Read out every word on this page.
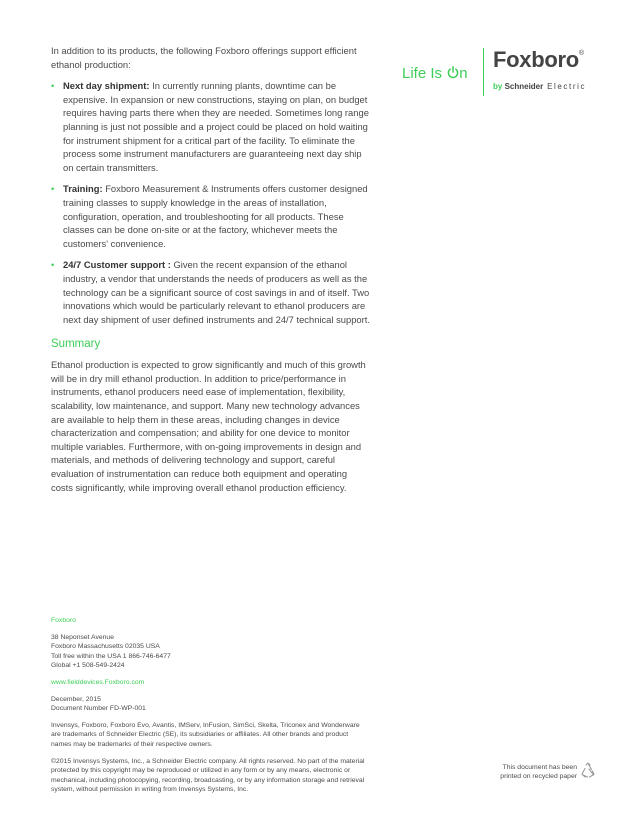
In addition to its products, the following Foxboro offerings support efficient ethanol production:

• Next day shipment: In currently running plants, downtime can be expensive. In expansion or new constructions, staying on plan, on budget requires having parts there when they are needed. Sometimes long range planning is just not possible and a project could be placed on hold waiting for instrument shipment for a critical part of the facility. To eliminate the process some instrument manufacturers are guaranteeing next day ship on certain transmitters.
• Training: Foxboro Measurement & Instruments offers customer designed training classes to supply knowledge in the areas of installation, configuration, operation, and troubleshooting for all products. These classes can be done on-site or at the factory, whichever meets the customers' convenience.
• 24/7 Customer support : Given the recent expansion of the ethanol industry, a vendor that understands the needs of producers as well as the technology can be a significant source of cost savings in and of itself. Two innovations which would be particularly relevant to ethanol producers are next day shipment of user defined instruments and 24/7 technical support.
Summary

Ethanol production is expected to grow significantly and much of this growth will be in dry mill ethanol production. In addition to price/performance in instruments, ethanol producers need ease of implementation, flexibility, scalability, low maintenance, and support. Many new technology advances are available to help them in these areas, including changes in device characterization and compensation; and ability for one device to monitor multiple variables. Furthermore, with on-going improvements in design and materials, and methods of delivering technology and support, careful evaluation of instrumentation can reduce both equipment and operating costs significantly, while improving overall ethanol production efficiency.

Life Is n
Foxboro®
by Schneider Electric

Foxboro

38 Neponset Avenue

Foxboro Massachusetts 02035 USA

Toll free within the USA 1 866-746-6477

Global +1 508-549-2424

www.fielddevices.Foxboro.com

December, 2015

Document Number FD-WP-001

Invensys, Foxboro, Foxboro Evo, Avantis, IMServ, InFusion, SimSci, Skelta, Triconex and Wonderware are trademarks of Schneider Electric (SE), its subsidiaries or affiliates. All other brands and product names may be trademarks of their respective owners.

©2015 Invensys Systems, Inc., a Schneider Electric company. All rights reserved. No part of the material protected by this copyright may be reproduced or utilized in any form or by any means, electronic or mechanical, including photocopying, recording, broadcasting, or by any information storage and retrieval system, without permission in writing from Invensys Systems, Inc.

This document has been
printed on recycled paper
